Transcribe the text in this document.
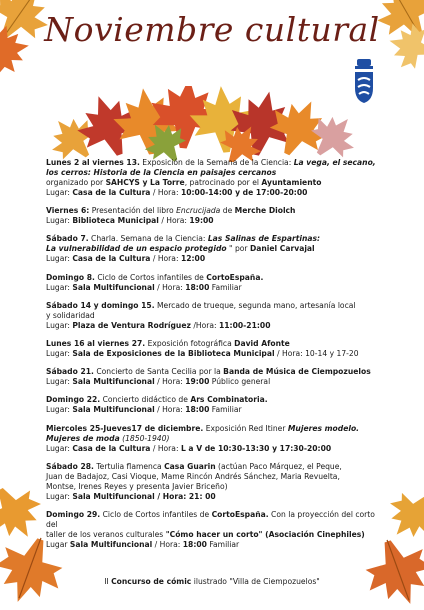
Noviembre cultural

Lunes 2 al viernes 13. Exposición de la Semana de la Ciencia: La vega, el secano,

los cerros: Historia de la Ciencia en paisajes cercanos

organizado por SAHCYS y La Torre, patrocinado por el Ayuntamiento

Lugar: Casa de la Cultura / Hora: 10:00-14:00 y de 17:00-20:00

Viernes 6: Presentación del libro Encrucijada de Merche Diolch

Lugar: Biblioteca Municipal / Hora: 19:00

Sábado 7. Charla. Semana de la Ciencia: Las Salinas de Espartinas:

La vulnerabilidad de un espacio protegido " por Daniel Carvajal

Lugar: Casa de la Cultura / Hora: 12:00

Domingo 8. Ciclo de Cortos infantiles de CortoEspaña.

Lugar: Sala Multifuncional / Hora: 18:00 Familiar

Sábado 14 y domingo 15. Mercado de trueque, segunda mano, artesanía local

y solidaridad

Lugar: Plaza de Ventura Rodríguez /Hora: 11:00-21:00

Lunes 16 al viernes 27. Exposición fotográfica David Afonte

Lugar: Sala de Exposiciones de la Biblioteca Municipal / Hora: 10-14 y 17-20

Sábado 21. Concierto de Santa Cecilia por la Banda de Música de Ciempozuelos

Lugar: Sala Multifuncional / Hora: 19:00 Público general

Domingo 22. Concierto didáctico de Ars Combinatoria.

Lugar: Sala Multifuncional / Hora: 18:00 Familiar

Miercoles 25-Jueves17 de diciembre. Exposición Red Itiner Mujeres modelo.

Mujeres de moda (1850-1940)

Lugar: Casa de la Cultura / Hora: L a V de 10:30-13:30 y 17:30-20:00

Sábado 28. Tertulia flamenca Casa Guarin (actúan Paco Márquez, el Peque,

Juan de Badajoz, Casi Vioque, Mame Rincón Andrés Sánchez, Maria Revuelta,

Montse, Irenes Reyes y presenta Javier Briceño)

Lugar: Sala Multifuncional / Hora: 21: 00

Domingo 29. Ciclo de Cortos infantiles de CortoEspaña. Con la proyección del corto del

taller de los veranos culturales "Cómo hacer un corto" (Asociación Cinephiles)

Lugar Sala Multifuncional / Hora: 18:00 Familiar

II Concurso de cómic ilustrado "Villa de Ciempozuelos"
